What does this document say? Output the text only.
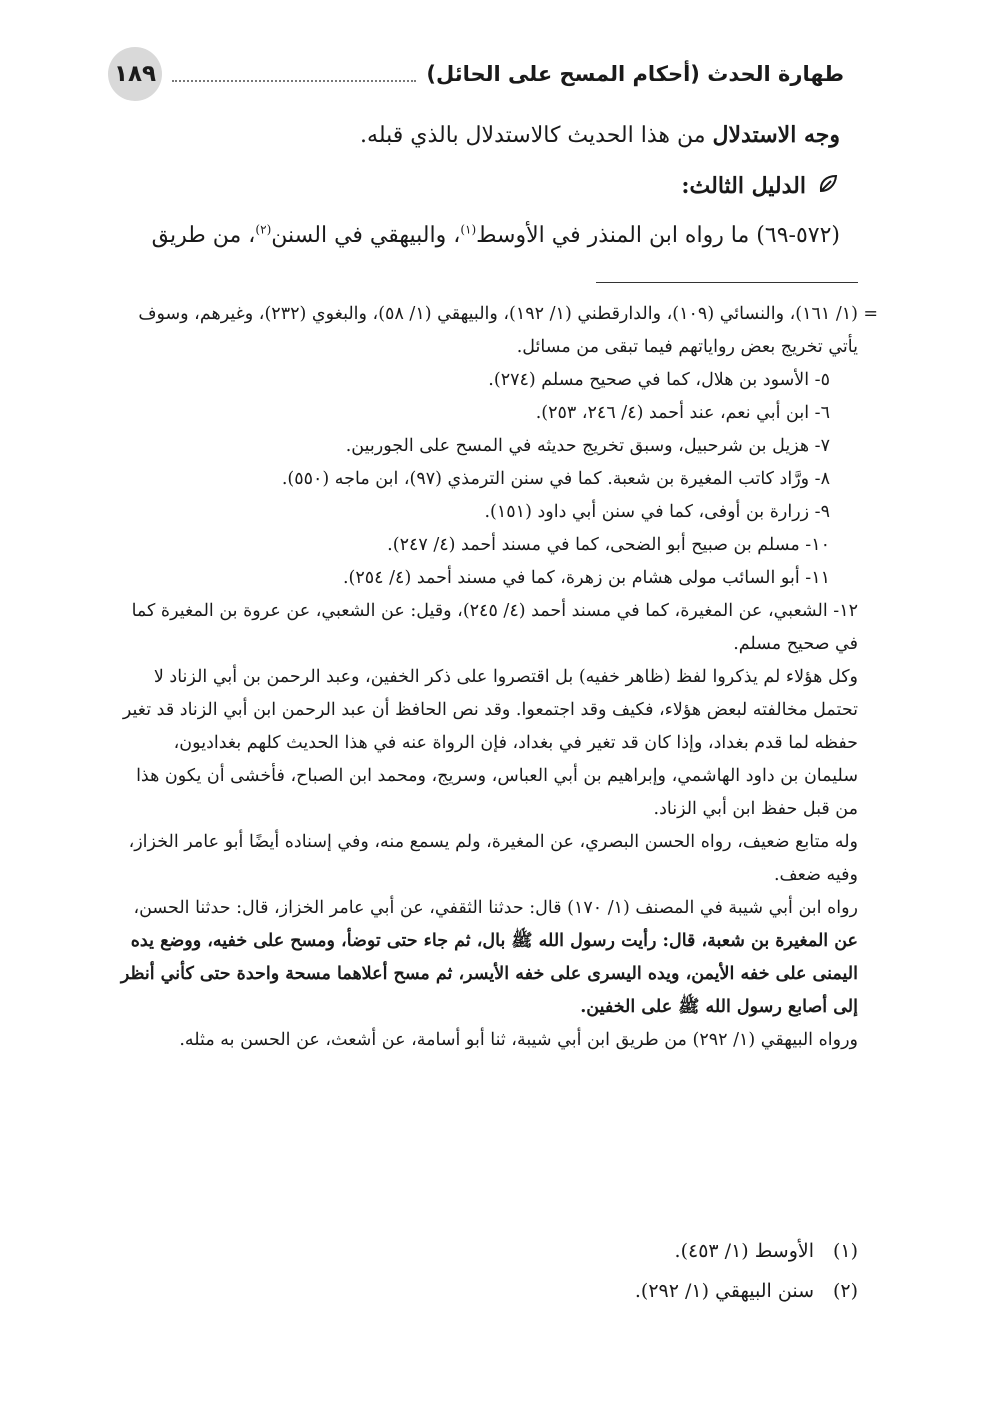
طهارة الحدث (أحكام المسح على الحائل)
١٨٩

وجه الاستدلال من هذا الحديث كالاستدلال بالذي قبله.

الدليل الثالث:

(٥٧٢-٦٩) ما رواه ابن المنذر في الأوسط$^{(١)}$، والبيهقي في السنن$^{(٢)}$، من طريق

=

(١/ ١٦١)، والنسائي (١٠٩)، والدارقطني (١/ ١٩٢)، والبيهقي (١/ ٥٨)، والبغوي (٢٣٢)، وغيرهم، وسوف يأتي تخريج بعض رواياتهم فيما تبقى من مسائل.

٥- الأسود بن هلال، كما في صحيح مسلم (٢٧٤).

٦- ابن أبي نعم، عند أحمد (٤/ ٢٤٦، ٢٥٣).

٧- هزيل بن شرحبيل، وسبق تخريج حديثه في المسح على الجوربين.

٨- ورَّاد كاتب المغيرة بن شعبة. كما في سنن الترمذي (٩٧)، ابن ماجه (٥٥٠).

٩- زرارة بن أوفى، كما في سنن أبي داود (١٥١).

١٠- مسلم بن صبيح أبو الضحى، كما في مسند أحمد (٤/ ٢٤٧).

١١- أبو السائب مولى هشام بن زهرة، كما في مسند أحمد (٤/ ٢٥٤).

١٢- الشعبي، عن المغيرة، كما في مسند أحمد (٤/ ٢٤٥)، وقيل: عن الشعبي، عن عروة بن المغيرة كما في صحيح مسلم.

وكل هؤلاء لم يذكروا لفظ (ظاهر خفيه) بل اقتصروا على ذكر الخفين، وعبد الرحمن بن أبي الزناد لا تحتمل مخالفته لبعض هؤلاء، فكيف وقد اجتمعوا. وقد نص الحافظ أن عبد الرحمن ابن أبي الزناد قد تغير حفظه لما قدم بغداد، وإذا كان قد تغير في بغداد، فإن الرواة عنه في هذا الحديث كلهم بغداديون، سليمان بن داود الهاشمي، وإبراهيم بن أبي العباس، وسريج، ومحمد ابن الصباح، فأخشى أن يكون هذا من قبل حفظ ابن أبي الزناد.

وله متابع ضعيف، رواه الحسن البصري، عن المغيرة، ولم يسمع منه، وفي إسناده أيضًا أبو عامر الخزاز، وفيه ضعف.

رواه ابن أبي شيبة في المصنف (١/ ١٧٠) قال: حدثنا الثقفي، عن أبي عامر الخزاز، قال: حدثنا الحسن،

عن المغيرة بن شعبة، قال: رأيت رسول الله ﷺ بال، ثم جاء حتى توضأ، ومسح على خفيه، ووضع يده اليمنى على خفه الأيمن، ويده اليسرى على خفه الأيسر، ثم مسح أعلاهما مسحة واحدة حتى كأني أنظر إلى أصابع رسول الله ﷺ على الخفين.

ورواه البيهقي (١/ ٢٩٢) من طريق ابن أبي شيبة، ثنا أبو أسامة، عن أشعث، عن الحسن به مثله.

(١)
الأوسط (١/ ٤٥٣).
(٢)
سنن البيهقي (١/ ٢٩٢).
